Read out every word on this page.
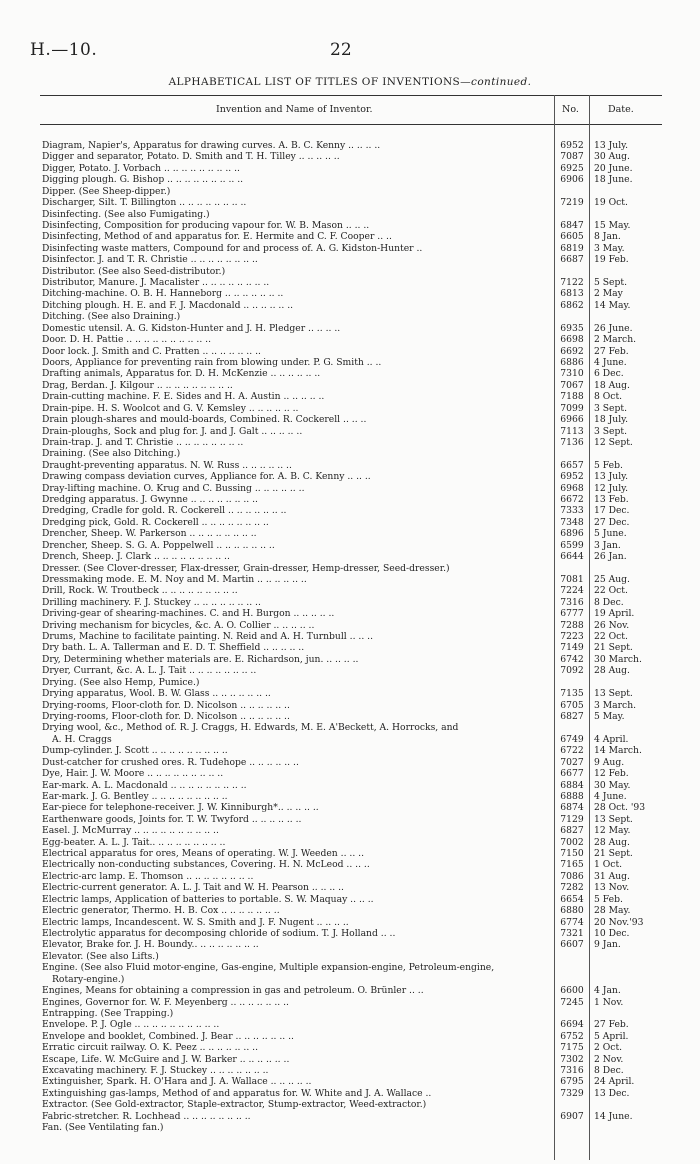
H.—10.	22
ALPHABETICAL LIST OF TITLES OF INVENTIONS—continued.
Invention and Name of Inventor.	No.	Date.
Diagram, Napier's, Apparatus for drawing curves. A. B. C. Kenny .. .. .. ..	6952	13 July.
Digger and separator, Potato. D. Smith and T. H. Tilley .. .. .. .. ..	7087	30 Aug.
Digger, Potato. J. Vorbach .. .. .. .. .. .. .. .. ..	6925	20 June.
Digging plough. G. Bishop .. .. .. .. .. .. .. .. ..	6906	18 June.
Dipper. (See Sheep-dipper.)
Discharger, Silt. T. Billington .. .. .. .. .. .. .. ..	7219	19 Oct.
Disinfecting. (See also Fumigating.)
Disinfecting, Composition for producing vapour for. W. B. Mason .. .. ..	6847	15 May.
Disinfecting, Method of and apparatus for. E. Hermite and C. F. Cooper .. ..	6605	8 Jan.
Disinfecting waste matters, Compound for and process of. A. G. Kidston-Hunter ..	6819	3 May.
Disinfector. J. and T. R. Christie .. .. .. .. .. .. .. ..	6687	19 Feb.
Distributor. (See also Seed-distributor.)
Distributor, Manure. J. Macalister .. .. .. .. .. .. .. ..	7122	5 Sept.
Ditching-machine. O. B. H. Hanneborg .. .. .. .. .. .. ..	6813	2 May
Ditching plough. H. E. and F. J. Macdonald .. .. .. .. .. ..	6862	14 May.
Ditching. (See also Draining.)
Domestic utensil. A. G. Kidston-Hunter and J. H. Pledger .. .. .. ..	6935	26 June.
Door. D. H. Pattie .. .. .. .. .. .. .. .. .. ..	6698	2 March.
Door lock. J. Smith and C. Pratten .. .. .. .. .. .. ..	6692	27 Feb.
Doors, Appliance for preventing rain from blowing under. P. G. Smith .. ..	6886	4 June.
Drafting animals, Apparatus for. D. H. McKenzie .. .. .. .. .. ..	7310	6 Dec.
Drag, Berdan. J. Kilgour .. .. .. .. .. .. .. .. ..	7067	18 Aug.
Drain-cutting machine. F. E. Sides and H. A. Austin .. .. .. .. ..	7188	8 Oct.
Drain-pipe. H. S. Woolcot and G. V. Kemsley .. .. .. .. .. ..	7099	3 Sept.
Drain plough-shares and mould-boards, Combined. R. Cockerell .. .. ..	6966	18 July.
Drain-ploughs, Sock and plug for. J. and J. Galt .. .. .. .. ..	7113	3 Sept.
Drain-trap. J. and T. Christie .. .. .. .. .. .. .. ..	7136	12 Sept.
Draining. (See also Ditching.)
Draught-preventing apparatus. N. W. Russ .. .. .. .. .. ..	6657	5 Feb.
Drawing compass deviation curves, Appliance for. A. B. C. Kenny .. .. ..	6952	13 July.
Dray-lifting machine. O. Krug and C. Bussing .. .. .. .. .. ..	6968	12 July.
Dredging apparatus. J. Gwynne .. .. .. .. .. .. .. ..	6672	13 Feb.
Dredging, Cradle for gold. R. Cockerell .. .. .. .. .. .. ..	7333	17 Dec.
Dredging pick, Gold. R. Cockerell .. .. .. .. .. .. .. ..	7348	27 Dec.
Drencher, Sheep. W. Parkerson .. .. .. .. .. .. .. ..	6896	5 June.
Drencher, Sheep. S. G. A. Poppelwell .. .. .. .. .. .. ..	6599	3 Jan.
Drench, Sheep. J. Clark .. .. .. .. .. .. .. .. ..	6644	26 Jan.
Dresser. (See Clover-dresser, Flax-dresser, Grain-dresser, Hemp-dresser, Seed-dresser.)
Dressmaking mode. E. M. Noy and M. Martin .. .. .. .. .. ..	7081	25 Aug.
Drill, Rock. W. Troutbeck .. .. .. .. .. .. .. .. ..	7224	22 Oct.
Drilling machinery. F. J. Stuckey .. .. .. .. .. .. .. ..	7316	8 Dec.
Driving-gear of shearing-machines. C. and H. Burgon .. .. .. .. ..	6777	19 April.
Driving mechanism for bicycles, &c. A. O. Collier .. .. .. .. ..	7288	26 Nov.
Drums, Machine to facilitate painting. N. Reid and A. H. Turnbull .. .. ..	7223	22 Oct.
Dry bath. L. A. Tallerman and E. D. T. Sheffield .. .. .. .. ..	7149	21 Sept.
Dry, Determining whether materials are. E. Richardson, jun. .. .. .. ..	6742	30 March.
Dryer, Currant, &c. A. L. J. Tait .. .. .. .. .. .. .. ..	7092	28 Aug.
Drying. (See also Hemp, Pumice.)
Drying apparatus, Wool. B. W. Glass .. .. .. .. .. .. ..	7135	13 Sept.
Drying-rooms, Floor-cloth for. D. Nicolson .. .. .. .. .. ..	6705	3 March.
Drying-rooms, Floor-cloth for. D. Nicolson .. .. .. .. .. ..	6827	5 May.
Drying wool, &c., Method of. R. J. Craggs, H. Edwards, M. E. A'Beckett, A. Horrocks, and
A. H. Craggs	6749	4 April.
Dump-cylinder. J. Scott .. .. .. .. .. .. .. .. ..	6722	14 March.
Dust-catcher for crushed ores. R. Tudehope .. .. .. .. .. ..	7027	9 Aug.
Dye, Hair. J. W. Moore .. .. .. .. .. .. .. .. ..	6677	12 Feb.
Ear-mark. A. L. Macdonald .. .. .. .. .. .. .. .. ..	6884	30 May.
Ear-mark. J. G. Bentley .. .. .. .. .. .. .. .. ..	6888	4 June.
Ear-piece for telephone-receiver. J. W. Kinniburgh*.. .. .. .. ..	6874	28 Oct. '93
Earthenware goods, Joints for. T. W. Twyford .. .. .. .. .. ..	7129	13 Sept.
Easel. J. McMurray .. .. .. .. .. .. .. .. .. ..	6827	12 May.
Egg-beater. A. L. J. Tait.. .. .. .. .. .. .. .. ..	7002	28 Aug.
Electrical apparatus for ores, Means of operating. W. J. Weeden .. .. ..	7150	21 Sept.
Electrically non-conducting substances, Covering. H. N. McLeod .. .. ..	7165	1 Oct.
Electric-arc lamp. E. Thomson .. .. .. .. .. .. .. ..	7086	31 Aug.
Electric-current generator. A. L. J. Tait and W. H. Pearson .. .. .. ..	7282	13 Nov.
Electric lamps, Application of batteries to portable. S. W. Maquay .. .. ..	6654	5 Feb.
Electric generator, Thermo. H. B. Cox .. .. .. .. .. .. ..	6880	28 May.
Electric lamps, Incandescent. W. S. Smith and J. F. Nugent .. .. .. ..	6774	20 Nov.'93
Electrolytic apparatus for decomposing chloride of sodium. T. J. Holland .. ..	7321	10 Dec.
Elevator, Brake for. J. H. Boundy.. .. .. .. .. .. .. ..	6607	9 Jan.
Elevator. (See also Lifts.)
Engine. (See also Fluid motor-engine, Gas-engine, Multiple expansion-engine, Petroleum-engine,
Rotary-engine.)
Engines, Means for obtaining a compression in gas and petroleum. O. Brünler .. ..	6600	4 Jan.
Engines, Governor for. W. F. Meyenberg .. .. .. .. .. .. ..	7245	1 Nov.
Entrapping. (See Trapping.)
Envelope. P. J. Ogle .. .. .. .. .. .. .. .. .. ..	6694	27 Feb.
Envelope and booklet, Combined. J. Bear .. .. .. .. .. .. ..	6752	5 April.
Erratic circuit railway. O. K. Peez .. .. .. .. .. .. ..	7175	2 Oct.
Escape, Life. W. McGuire and J. W. Barker .. .. .. .. .. ..	7302	2 Nov.
Excavating machinery. F. J. Stuckey .. .. .. .. .. .. ..	7316	8 Dec.
Extinguisher, Spark. H. O'Hara and J. A. Wallace .. .. .. .. ..	6795	24 April.
Extinguishing gas-lamps, Method of and apparatus for. W. White and J. A. Wallace ..	7329	13 Dec.
Extractor. (See Gold-extractor, Staple-extractor, Stump-extractor, Weed-extractor.)
Fabric-stretcher. R. Lochhead .. .. .. .. .. .. .. ..	6907	14 June.
Fan. (See Ventilating fan.)
